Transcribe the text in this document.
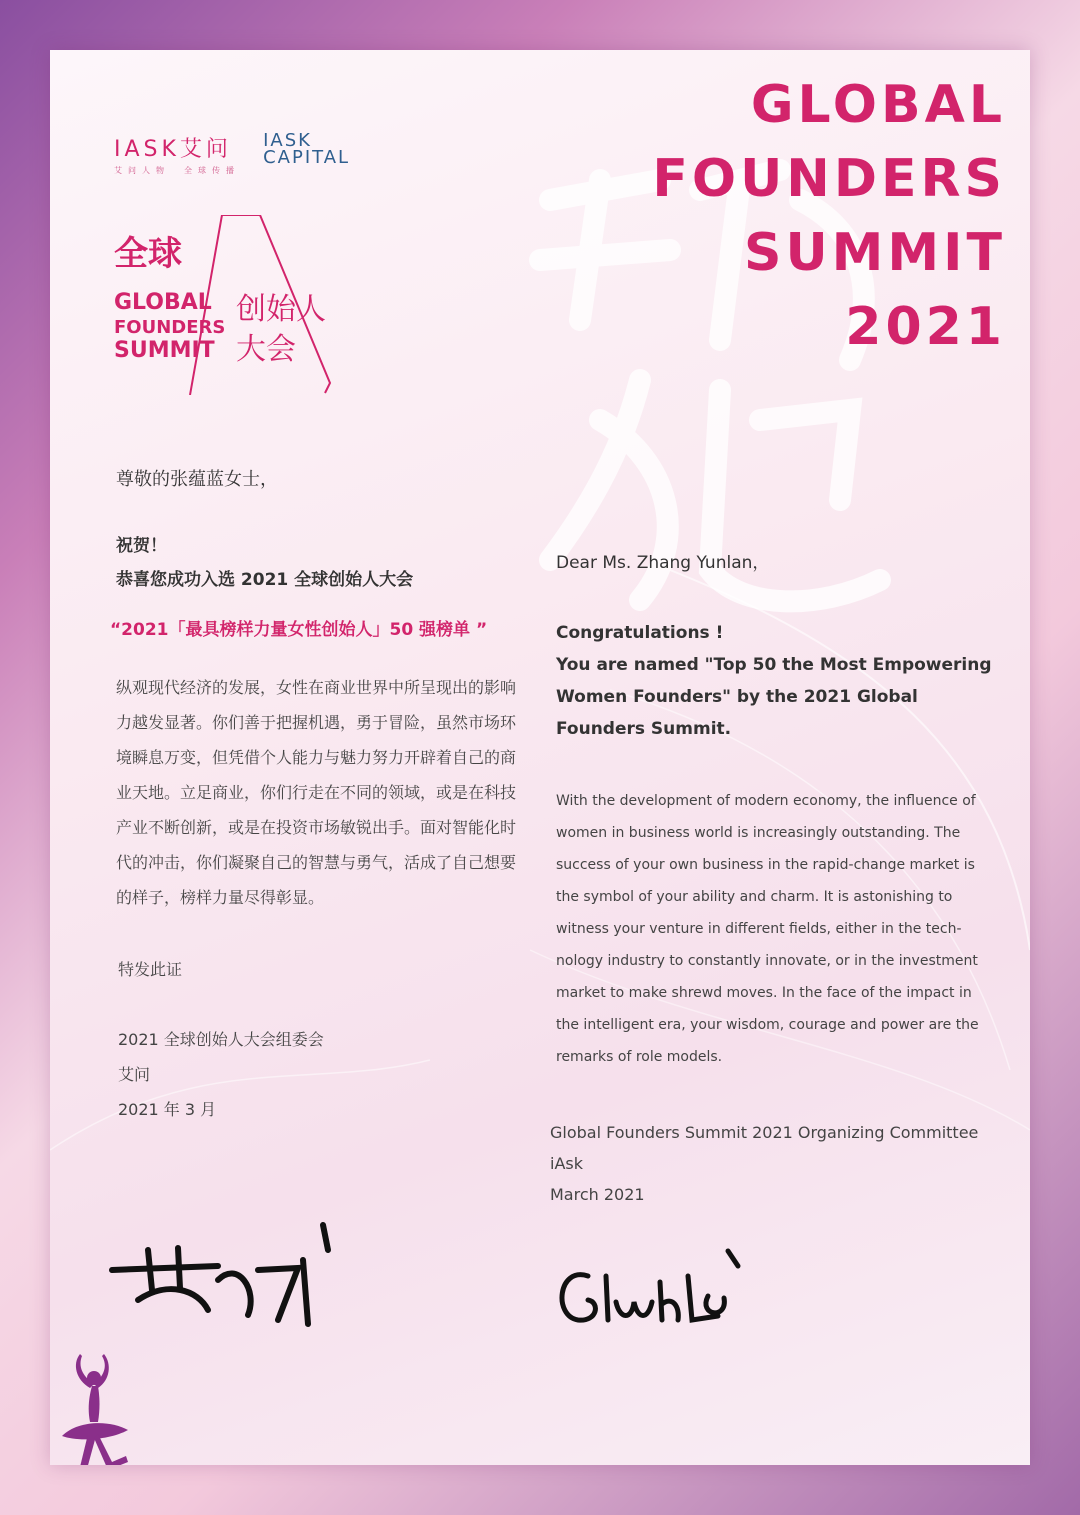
GLOBAL
FOUNDERS
SUMMIT
2021
IASK艾问
艾问人物　全球传播

IASK
CAPITAL
全球
GLOBAL
FOUNDERS
SUMMIT
创始人
大会

尊敬的张蕴蓝女士，

祝贺！
恭喜您成功入选 2021 全球创始人大会

“2021「最具榜样力量女性创始人」50 强榜单 ”

纵观现代经济的发展，女性在商业世界中所呈现出的影响力越发显著。你们善于把握机遇，勇于冒险，虽然市场环境瞬息万变，但凭借个人能力与魅力努力开辟着自己的商业天地。立足商业，你们行走在不同的领域，或是在科技产业不断创新，或是在投资市场敏锐出手。面对智能化时代的冲击，你们凝聚自己的智慧与勇气，活成了自己想要的样子，榜样力量尽得彰显。

特发此证

2021 全球创始人大会组委会
艾问
2021 年 3 月

Dear Ms. Zhang Yunlan，

Congratulations !
You are named "Top 50 the Most Empowering Women Founders" by the 2021 Global Founders Summit.

With the development of modern economy, the influence of women in business world is increasingly outstanding. The success of your own business in the rapid-change market is the symbol of your ability and charm. It is astonishing to witness your venture in different fields, either in the tech-nology industry to constantly innovate, or in the investment market to make shrewd moves. In the face of the impact in the intelligent era, your wisdom, courage and power are the remarks of role models.

Global Founders Summit 2021 Organizing Committee
iAsk
March 2021
